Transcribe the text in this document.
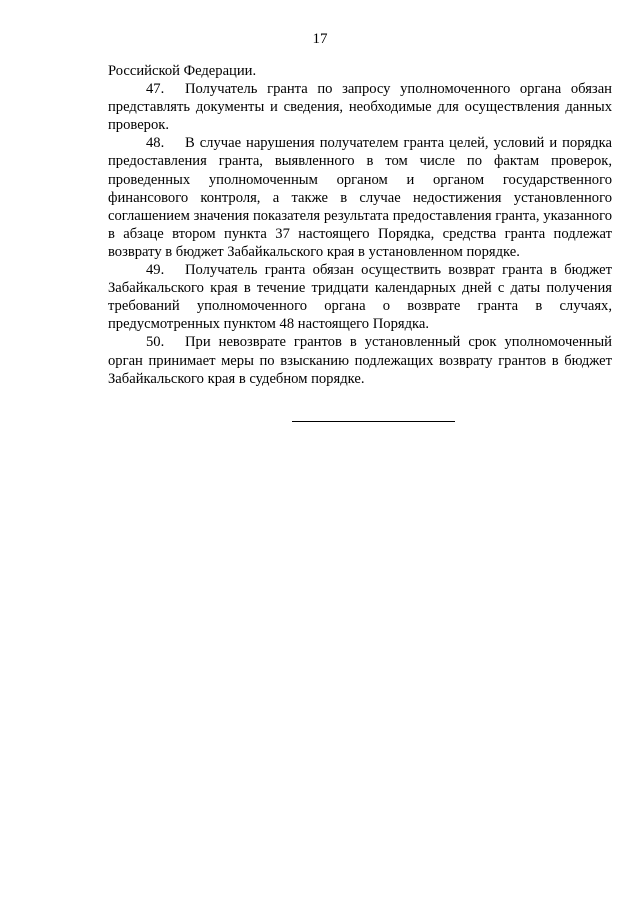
17

Российской Федерации.

47. Получатель гранта по запросу уполномоченного органа обязан представлять документы и сведения, необходимые для осуществления данных проверок.

48. В случае нарушения получателем гранта целей, условий и порядка предоставления гранта, выявленного в том числе по фактам проверок, проведенных уполномоченным органом и органом государственного финансового контроля, а также в случае недостижения установленного соглашением значения показателя результата предоставления гранта, указанного в абзаце втором пункта 37 настоящего Порядка, средства гранта подлежат возврату в бюджет Забайкальского края в установленном порядке.

49. Получатель гранта обязан осуществить возврат гранта в бюджет Забайкальского края в течение тридцати календарных дней с даты получения требований уполномоченного органа о возврате гранта в случаях, предусмотренных пунктом 48 настоящего Порядка.

50. При невозврате грантов в установленный срок уполномоченный орган принимает меры по взысканию подлежащих возврату грантов в бюджет Забайкальского края в судебном порядке.
